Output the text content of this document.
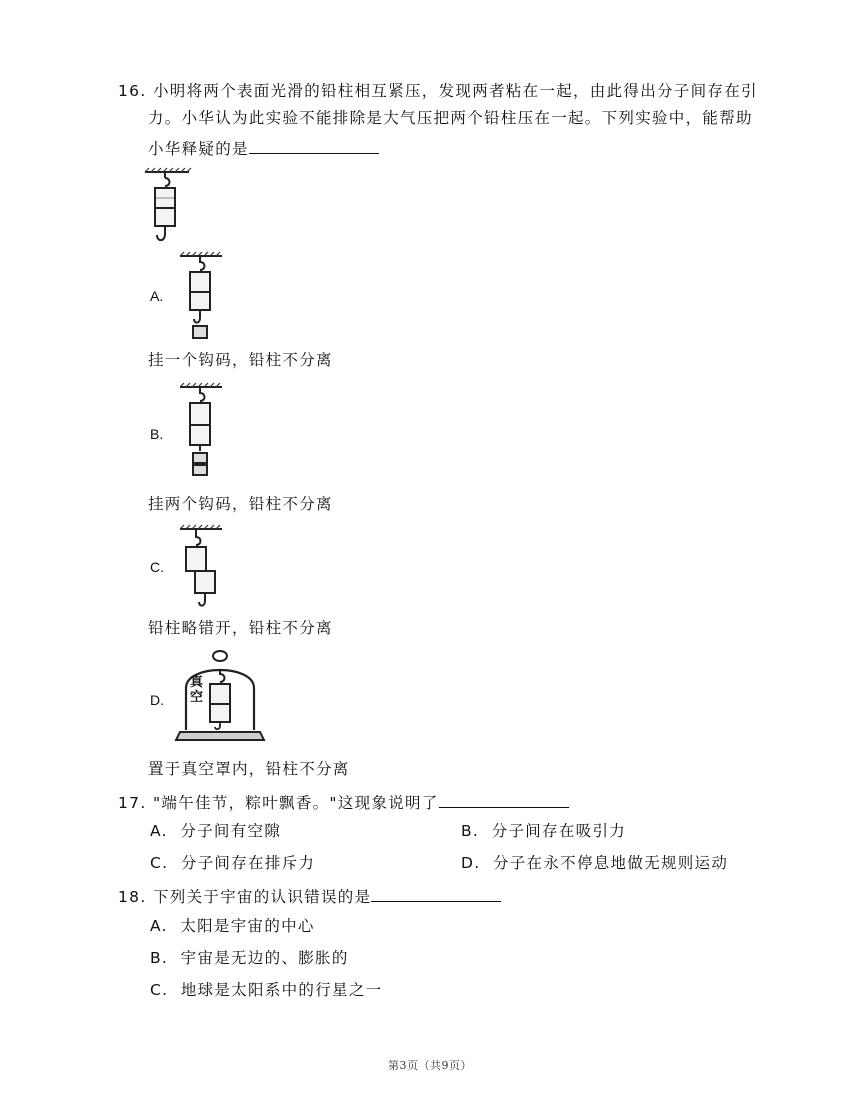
16. 小明将两个表面光滑的铅柱相互紧压，发现两者粘在一起，由此得出分子间存在引
力。小华认为此实验不能排除是大气压把两个铅柱压在一起。下列实验中，能帮助
小华释疑的是
A.
挂一个钩码，铅柱不分离
B.
挂两个钩码，铅柱不分离
C.
铅柱略错开，铅柱不分离
真空
D.
置于真空罩内，铅柱不分离
17. "端午佳节，粽叶飘香。"这现象说明了
A. 分子间有空隙	B. 分子间存在吸引力
C. 分子间存在排斥力	D. 分子在永不停息地做无规则运动
18. 下列关于宇宙的认识错误的是
A. 太阳是宇宙的中心
B. 宇宙是无边的、膨胀的
C. 地球是太阳系中的行星之一
第3页（共9页）
